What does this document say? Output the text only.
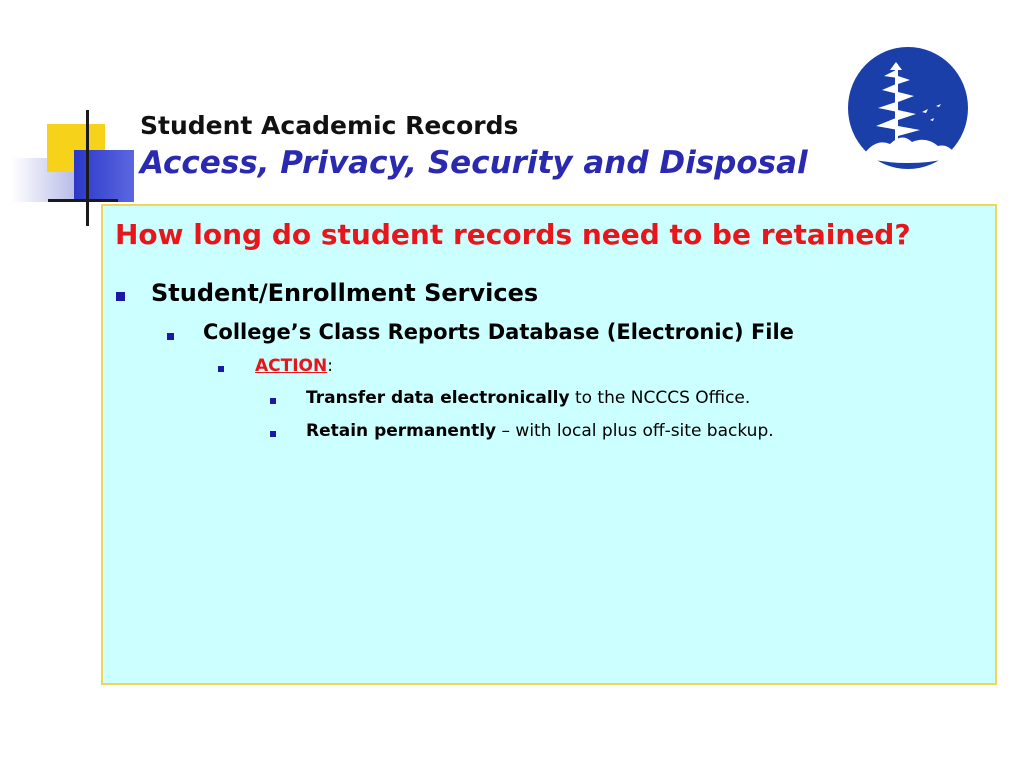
Student Academic Records
Access, Privacy, Security and Disposal
How long do student records need to be retained?
Student/Enrollment Services
College’s Class Reports Database (Electronic) File
ACTION:
Transfer data electronically to the NCCCS Office.
Retain permanently – with local plus off-site backup.
